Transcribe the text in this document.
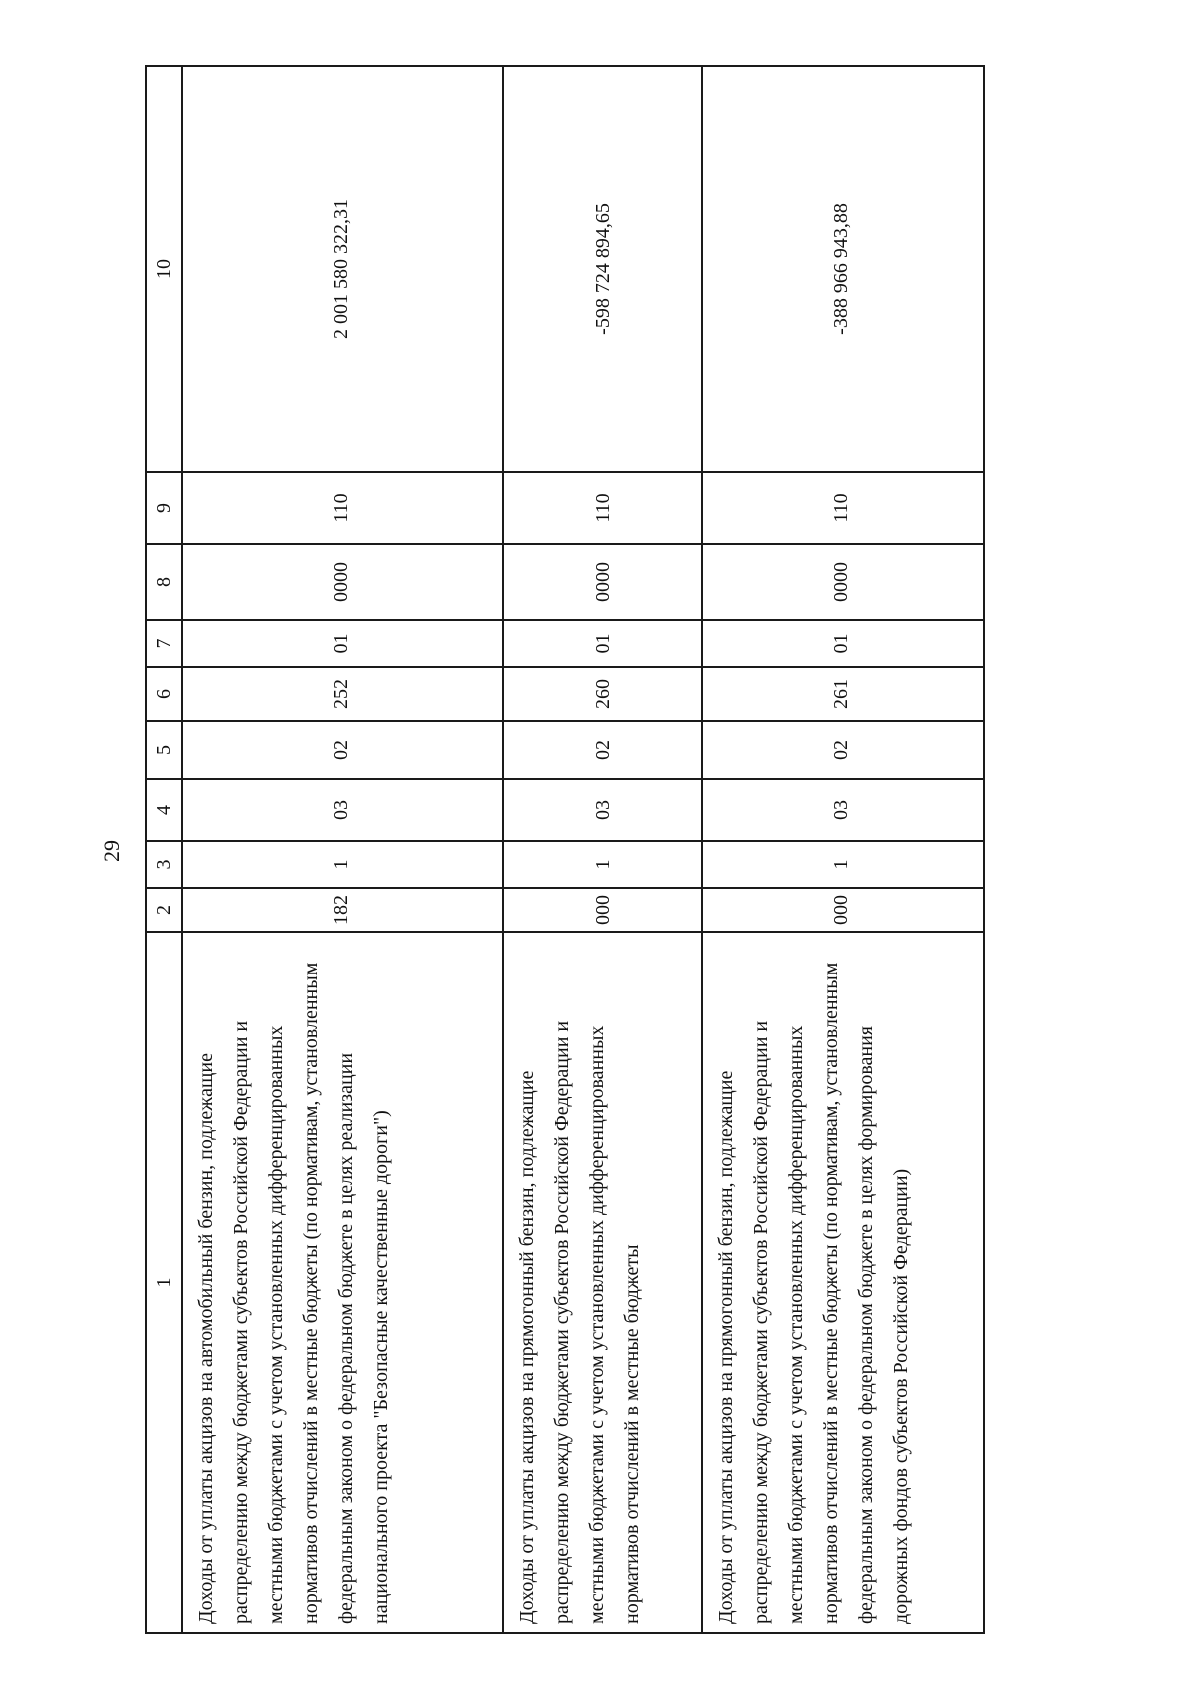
29
1	2	3	4	5	6	7	8	9	10
Доходы от уплаты акцизов на автомобильный бензин, подлежащие распределению между бюджетами субъектов Российской Федерации и местными бюджетами с учетом установленных дифференцированных нормативов отчислений в местные бюджеты (по нормативам, установленным федеральным законом о федеральном бюджете в целях реализации национального проекта "Безопасные качественные дороги")	182	1	03	02	252	01	0000	110	2 001 580 322,31
Доходы от уплаты акцизов на прямогонный бензин, подлежащие распределению между бюджетами субъектов Российской Федерации и местными бюджетами с учетом установленных дифференцированных нормативов отчислений в местные бюджеты	000	1	03	02	260	01	0000	110	-598 724 894,65
Доходы от уплаты акцизов на прямогонный бензин, подлежащие распределению между бюджетами субъектов Российской Федерации и местными бюджетами с учетом установленных дифференцированных нормативов отчислений в местные бюджеты (по нормативам, установленным федеральным законом о федеральном бюджете в целях формирования дорожных фондов субъектов Российской Федерации)	000	1	03	02	261	01	0000	110	-388 966 943,88
